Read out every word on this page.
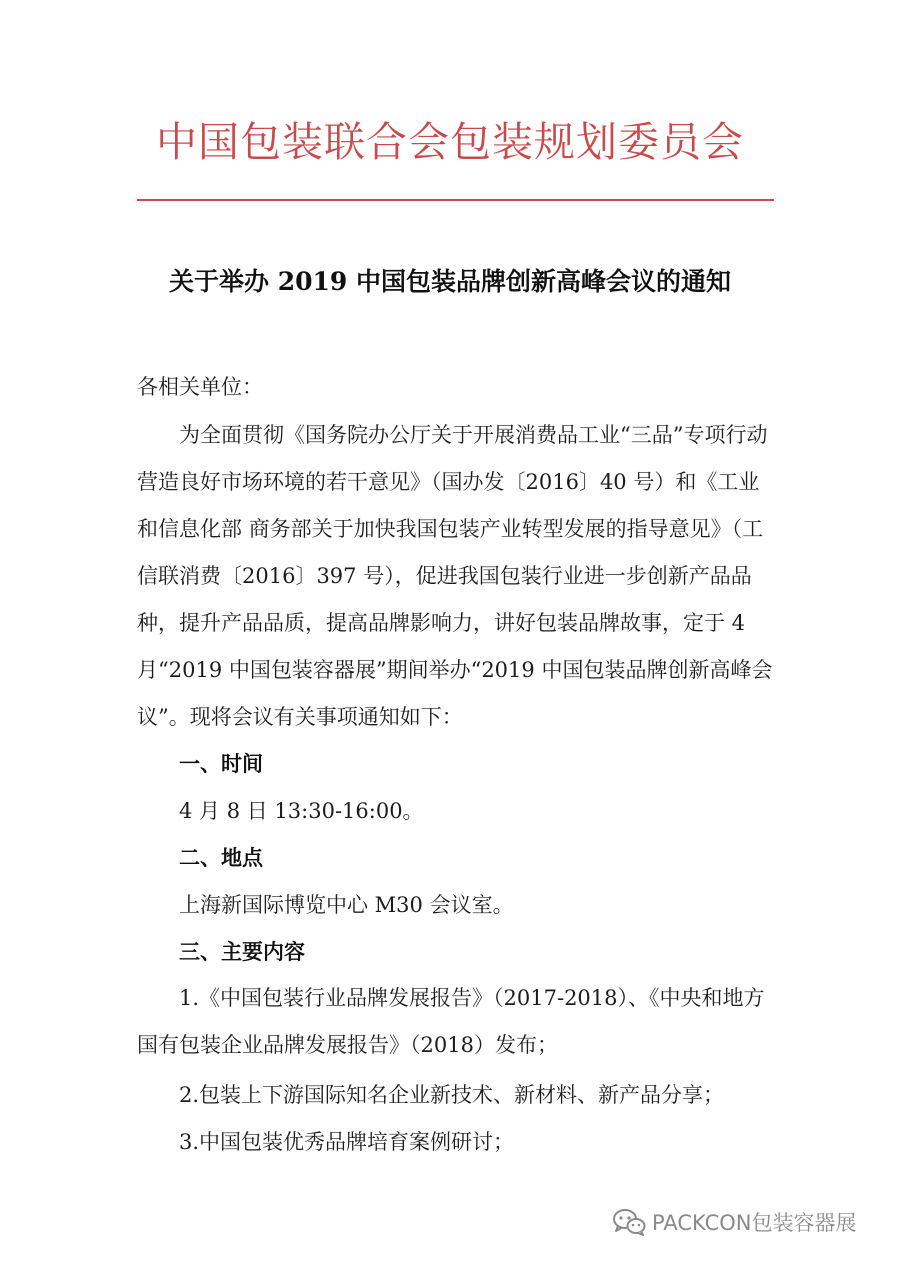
中国包装联合会包装规划委员会
关于举办 2019 中国包装品牌创新高峰会议的通知
各相关单位：
为全面贯彻《国务院办公厅关于开展消费品工业“三品”专项行动营造良好市场环境的若干意见》（国办发〔2016〕40 号）和《工业和信息化部 商务部关于加快我国包装产业转型发展的指导意见》（工信联消费〔2016〕397 号），促进我国包装行业进一步创新产品品种，提升产品品质，提高品牌影响力，讲好包装品牌故事，定于 4 月“2019 中国包装容器展”期间举办“2019 中国包装品牌创新高峰会议”。现将会议有关事项通知如下：
一、时间
4 月 8 日 13:30-16:00。
二、地点
上海新国际博览中心 M30 会议室。
三、主要内容
1.《中国包装行业品牌发展报告》（2017-2018）、《中央和地方国有包装企业品牌发展报告》（2018）发布；
2.包装上下游国际知名企业新技术、新材料、新产品分享；
3.中国包装优秀品牌培育案例研讨；
PACKCON包装容器展
